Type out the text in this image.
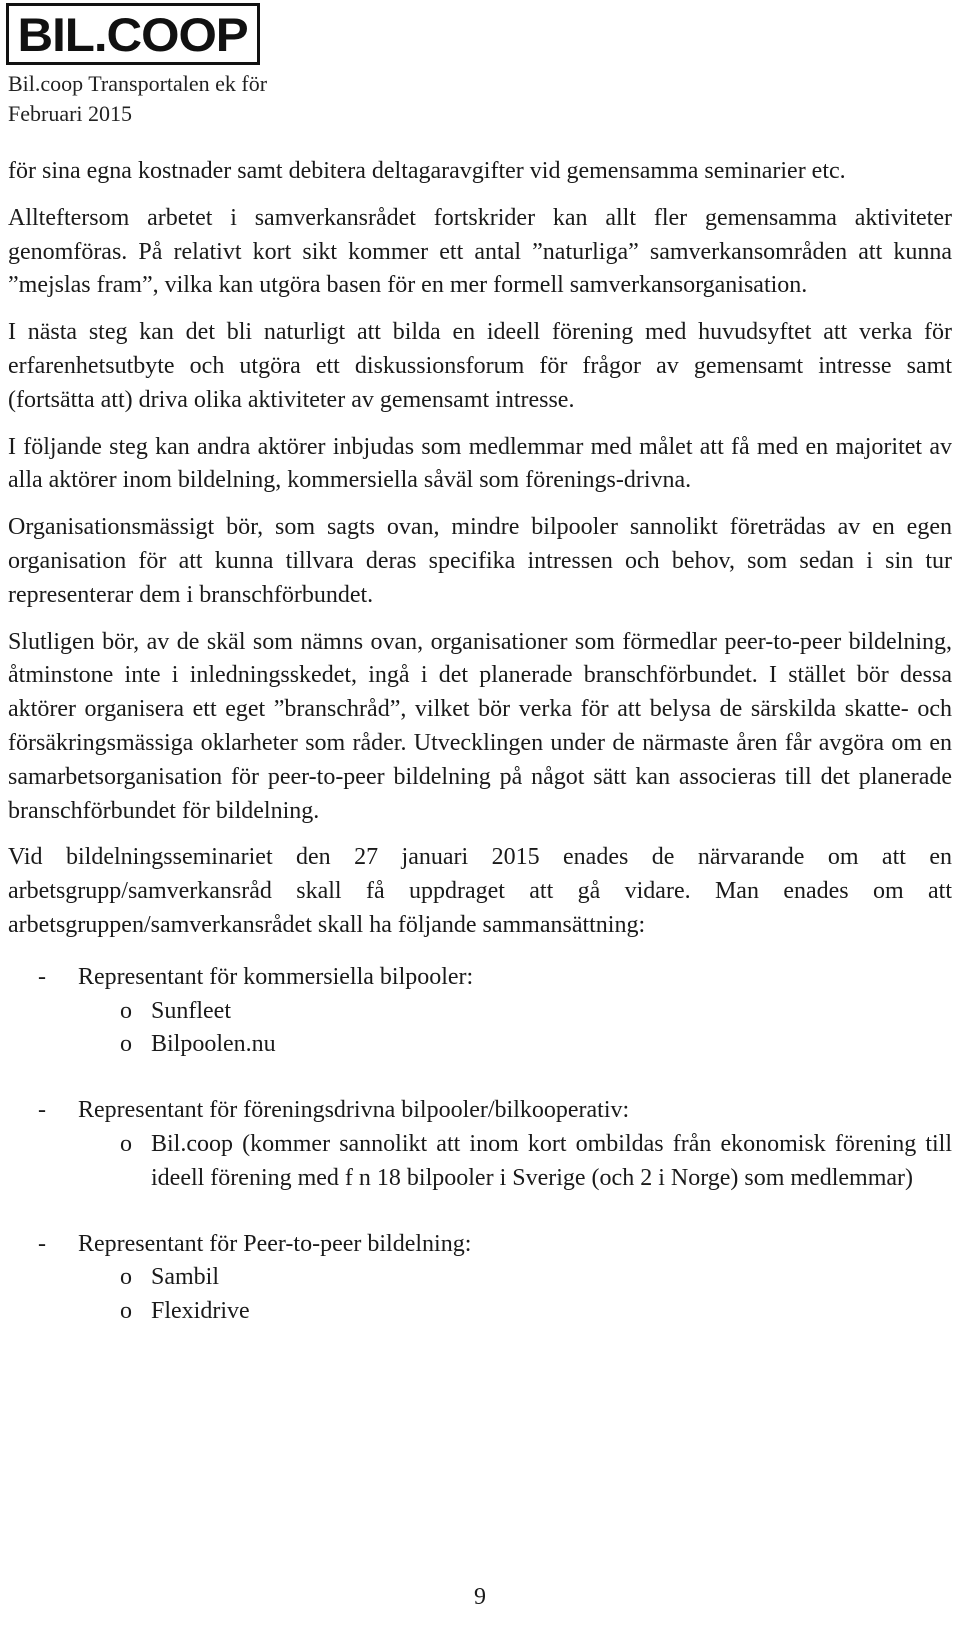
BIL.COOP
Bil.coop Transportalen ek för
Februari 2015

för sina egna kostnader samt debitera deltagaravgifter vid gemensamma seminarier etc.

Allteftersom arbetet i samverkansrådet fortskrider kan allt fler gemensamma aktiviteter genomföras. På relativt kort sikt kommer ett antal ”naturliga” samverkansområden att kunna ”mejslas fram”, vilka kan utgöra basen för en mer formell samverkansorganisation.

I nästa steg kan det bli naturligt att bilda en ideell förening med huvudsyftet att verka för erfarenhetsutbyte och utgöra ett diskussionsforum för frågor av gemensamt intresse samt (fortsätta att) driva olika aktiviteter av gemensamt intresse.

I följande steg kan andra aktörer inbjudas som medlemmar med målet att få med en majoritet av alla aktörer inom bildelning, kommersiella såväl som förenings-drivna.

Organisationsmässigt bör, som sagts ovan, mindre bilpooler sannolikt företrädas av en egen organisation för att kunna tillvara deras specifika intressen och behov, som sedan i sin tur representerar dem i branschförbundet.

Slutligen bör, av de skäl som nämns ovan, organisationer som förmedlar peer-to-peer bildelning, åtminstone inte i inledningsskedet, ingå i det planerade branschförbundet. I stället bör dessa aktörer organisera ett eget ”branschråd”, vilket bör verka för att belysa de särskilda skatte- och försäkringsmässiga oklarheter som råder. Utvecklingen under de närmaste åren får avgöra om en samarbetsorganisation för peer-to-peer bildelning på något sätt kan associeras till det planerade branschförbundet för bildelning.

Vid bildelningsseminariet den 27 januari 2015 enades de närvarande om att en arbetsgrupp/samverkansråd skall få uppdraget att gå vidare. Man enades om att arbetsgruppen/samverkansrådet skall ha följande sammansättning:

- Representant för kommersiella bilpooler:
o Sunfleet
o Bilpoolen.nu
- Representant för föreningsdrivna bilpooler/bilkooperativ:
o Bil.coop (kommer sannolikt att inom kort ombildas från ekonomisk förening till ideell förening med f n 18 bilpooler i Sverige (och 2 i Norge) som medlemmar)
- Representant för Peer-to-peer bildelning:
o Sambil
o Flexidrive
9
